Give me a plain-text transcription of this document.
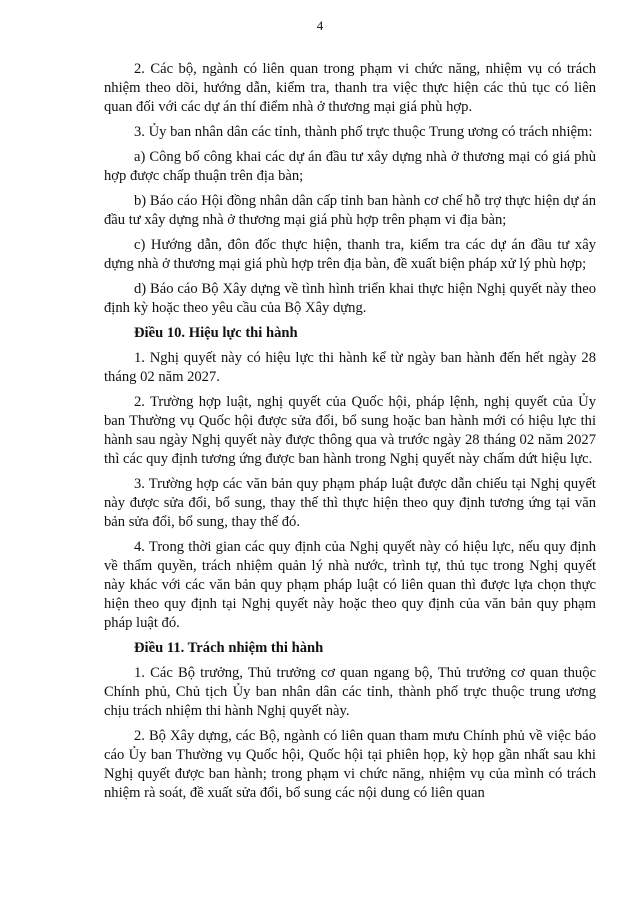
4

2. Các bộ, ngành có liên quan trong phạm vi chức năng, nhiệm vụ có trách nhiệm theo dõi, hướng dẫn, kiểm tra, thanh tra việc thực hiện các thủ tục có liên quan đối với các dự án thí điểm nhà ở thương mại giá phù hợp.

3. Ủy ban nhân dân các tỉnh, thành phố trực thuộc Trung ương có trách nhiệm:

a) Công bố công khai các dự án đầu tư xây dựng nhà ở thương mại có giá phù hợp được chấp thuận trên địa bàn;

b) Báo cáo Hội đồng nhân dân cấp tỉnh ban hành cơ chế hỗ trợ thực hiện dự án đầu tư xây dựng nhà ở thương mại giá phù hợp trên phạm vi địa bàn;

c) Hướng dẫn, đôn đốc thực hiện, thanh tra, kiểm tra các dự án đầu tư xây dựng nhà ở thương mại giá phù hợp trên địa bàn, đề xuất biện pháp xử lý phù hợp;

d) Báo cáo Bộ Xây dựng về tình hình triển khai thực hiện Nghị quyết này theo định kỳ hoặc theo yêu cầu của Bộ Xây dựng.

Điều 10. Hiệu lực thi hành

1. Nghị quyết này có hiệu lực thi hành kể từ ngày ban hành đến hết ngày 28 tháng 02 năm 2027.

2. Trường hợp luật, nghị quyết của Quốc hội, pháp lệnh, nghị quyết của Ủy ban Thường vụ Quốc hội được sửa đổi, bổ sung hoặc ban hành mới có hiệu lực thi hành sau ngày Nghị quyết này được thông qua và trước ngày 28 tháng 02 năm 2027 thì các quy định tương ứng được ban hành trong Nghị quyết này chấm dứt hiệu lực.

3. Trường hợp các văn bản quy phạm pháp luật được dẫn chiếu tại Nghị quyết này được sửa đổi, bổ sung, thay thế thì thực hiện theo quy định tương ứng tại văn bản sửa đổi, bổ sung, thay thế đó.

4. Trong thời gian các quy định của Nghị quyết này có hiệu lực, nếu quy định về thẩm quyền, trách nhiệm quản lý nhà nước, trình tự, thủ tục trong Nghị quyết này khác với các văn bản quy phạm pháp luật có liên quan thì được lựa chọn thực hiện theo quy định tại Nghị quyết này hoặc theo quy định của văn bản quy phạm pháp luật đó.

Điều 11. Trách nhiệm thi hành

1. Các Bộ trưởng, Thủ trưởng cơ quan ngang bộ, Thủ trưởng cơ quan thuộc Chính phủ, Chủ tịch Ủy ban nhân dân các tỉnh, thành phố trực thuộc trung ương chịu trách nhiệm thi hành Nghị quyết này.

2. Bộ Xây dựng, các Bộ, ngành có liên quan tham mưu Chính phủ về việc báo cáo Ủy ban Thường vụ Quốc hội, Quốc hội tại phiên họp, kỳ họp gần nhất sau khi Nghị quyết được ban hành; trong phạm vi chức năng, nhiệm vụ của mình có trách nhiệm rà soát, đề xuất sửa đổi, bổ sung các nội dung có liên quan
